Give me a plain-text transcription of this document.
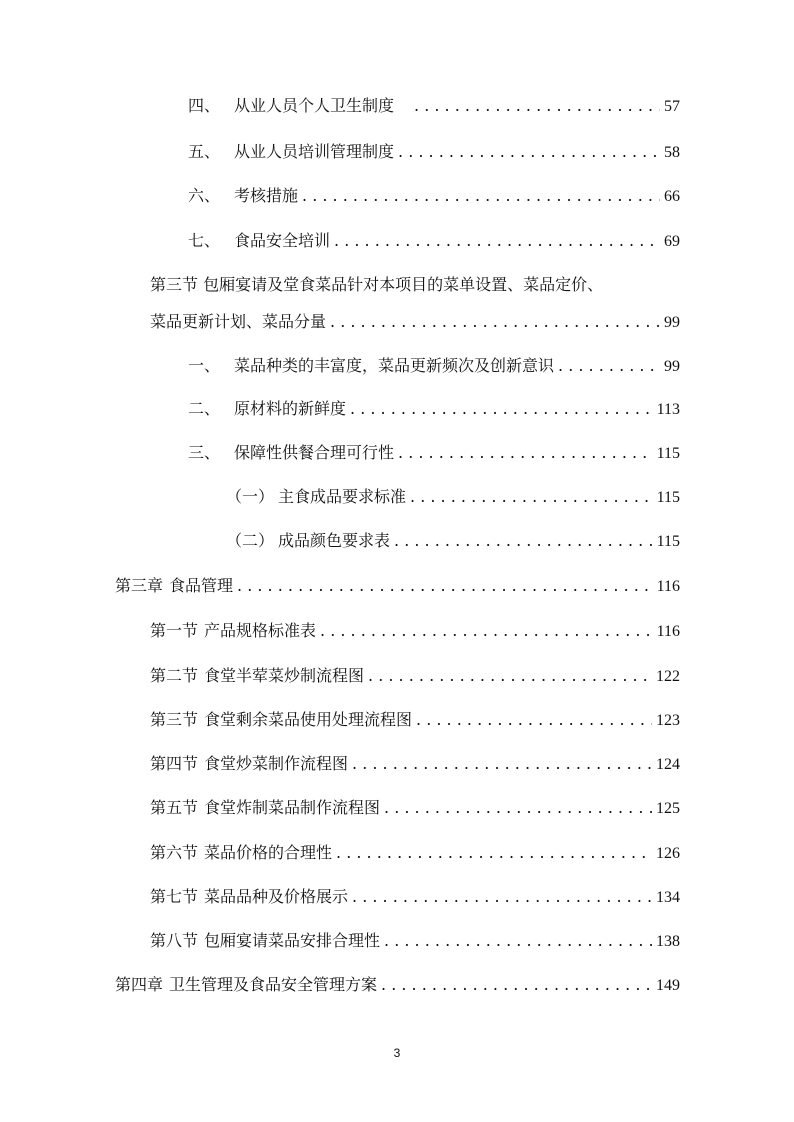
四、 从业人员个人卫生制度 . . .	57
五、 从业人员培训管理制度 . . .	58
六、 考核措施 . . .	66
七、 食品安全培训 . . .	69
第三节 包厢宴请及堂食菜品针对本项目的菜单设置、菜品定价、
菜品更新计划、菜品分量 . . .	99
一、 菜品种类的丰富度，菜品更新频次及创新意识 . . .	99
二、 原材料的新鲜度 . . .	113
三、 保障性供餐合理可行性 . . .	115
（一） 主食成品要求标准 . . .	115
（二） 成品颜色要求表 . . .	115
第三章 食品管理 . . .	116
第一节 产品规格标准表 . . .	116
第二节 食堂半荤菜炒制流程图 . . .	122
第三节 食堂剩余菜品使用处理流程图 . . .	123
第四节 食堂炒菜制作流程图 . . .	124
第五节 食堂炸制菜品制作流程图 . . .	125
第六节 菜品价格的合理性 . . .	126
第七节 菜品品种及价格展示 . . .	134
第八节 包厢宴请菜品安排合理性 . . .	138
第四章 卫生管理及食品安全管理方案 . . .	149
3
